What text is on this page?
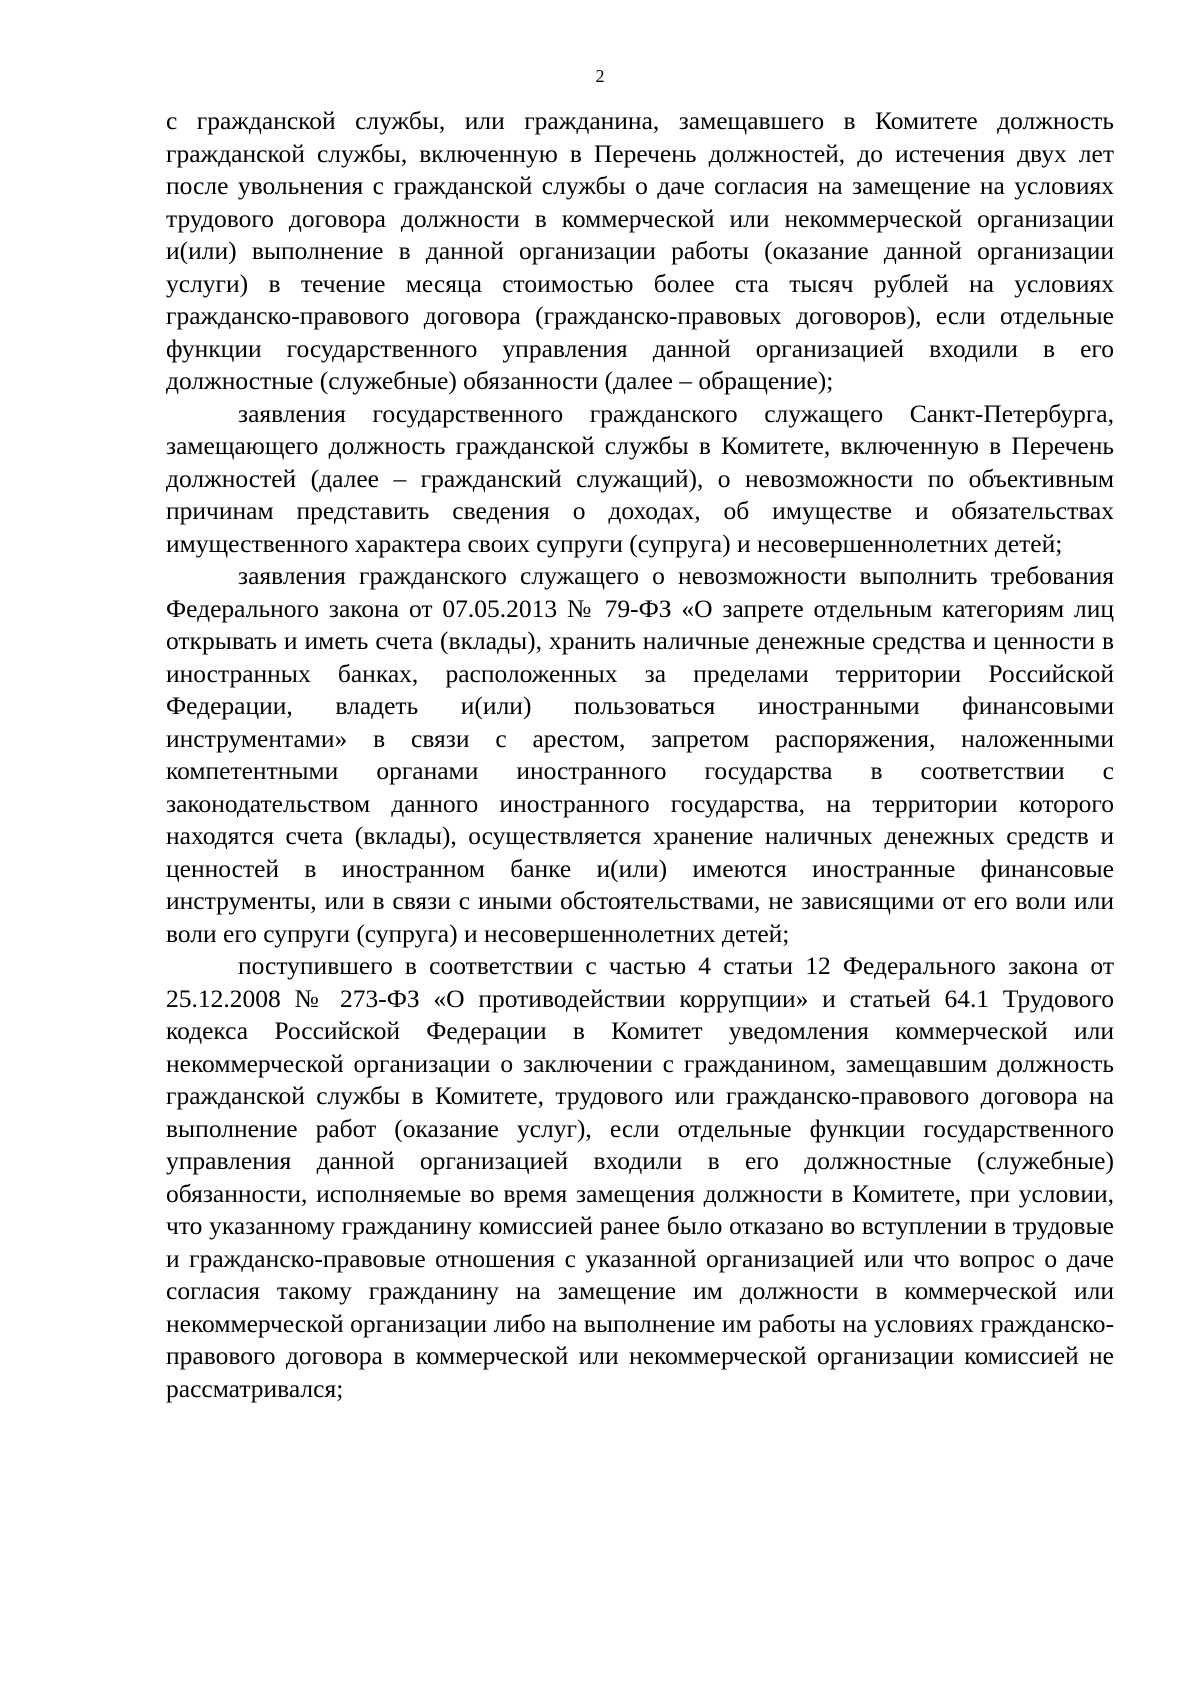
2

с гражданской службы, или гражданина, замещавшего в Комитете должность гражданской службы, включенную в Перечень должностей, до истечения двух лет после увольнения с гражданской службы о даче согласия на замещение на условиях трудового договора должности в коммерческой или некоммерческой организации и(или) выполнение в данной организации работы (оказание данной организации услуги) в течение месяца стоимостью более ста тысяч рублей на условиях гражданско-правового договора (гражданско-правовых договоров), если отдельные функции государственного управления данной организацией входили в его должностные (служебные) обязанности (далее – обращение);

заявления государственного гражданского служащего Санкт-Петербурга, замещающего должность гражданской службы в Комитете, включенную в Перечень должностей (далее – гражданский служащий), о невозможности по объективным причинам представить сведения о доходах, об имуществе и обязательствах имущественного характера своих супруги (супруга) и несовершеннолетних детей;

заявления гражданского служащего о невозможности выполнить требования Федерального закона от 07.05.2013 № 79-ФЗ «О запрете отдельным категориям лиц открывать и иметь счета (вклады), хранить наличные денежные средства и ценности в иностранных банках, расположенных за пределами территории Российской Федерации, владеть и(или) пользоваться иностранными финансовыми инструментами» в связи с арестом, запретом распоряжения, наложенными компетентными органами иностранного государства в соответствии с законодательством данного иностранного государства, на территории которого находятся счета (вклады), осуществляется хранение наличных денежных средств и ценностей в иностранном банке и(или) имеются иностранные финансовые инструменты, или в связи с иными обстоятельствами, не зависящими от его воли или воли его супруги (супруга) и несовершеннолетних детей;

поступившего в соответствии с частью 4 статьи 12 Федерального закона от 25.12.2008 № 273-ФЗ «О противодействии коррупции» и статьей 64.1 Трудового кодекса Российской Федерации в Комитет уведомления коммерческой или некоммерческой организации о заключении с гражданином, замещавшим должность гражданской службы в Комитете, трудового или гражданско-правового договора на выполнение работ (оказание услуг), если отдельные функции государственного управления данной организацией входили в его должностные (служебные) обязанности, исполняемые во время замещения должности в Комитете, при условии, что указанному гражданину комиссией ранее было отказано во вступлении в трудовые и гражданско-правовые отношения с указанной организацией или что вопрос о даче согласия такому гражданину на замещение им должности в коммерческой или некоммерческой организации либо на выполнение им работы на условиях гражданско-правового договора в коммерческой или некоммерческой организации комиссией не рассматривался;
